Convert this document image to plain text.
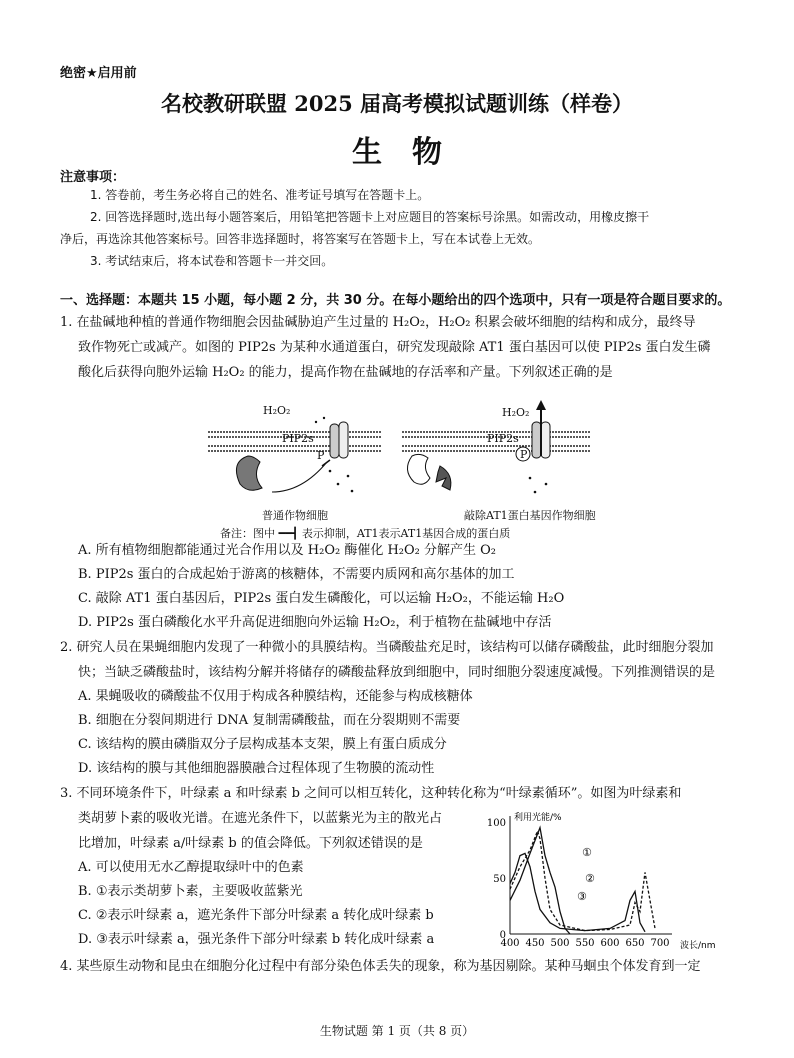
绝密★启用前
名校教研联盟 2025 届高考模拟试题训练（样卷）
生物
注意事项：
1. 答卷前，考生务必将自己的姓名、准考证号填写在答题卡上。
2. 回答选择题时,选出每小题答案后，用铅笔把答题卡上对应题目的答案标号涂黑。如需改动，用橡皮擦干
净后，再选涂其他答案标号。回答非选择题时，将答案写在答题卡上，写在本试卷上无效。
3. 考试结束后，将本试卷和答题卡一并交回。
一、选择题：本题共 15 小题，每小题 2 分，共 30 分。在每小题给出的四个选项中，只有一项是符合题目要求的。
1. 在盐碱地种植的普通作物细胞会因盐碱胁迫产生过量的 H₂O₂，H₂O₂ 积累会破坏细胞的结构和成分，最终导
致作物死亡或减产。如图的 PIP2s 为某种水通道蛋白，研究发现敲除 AT1 蛋白基因可以使 PIP2s 蛋白发生磷
酸化后获得向胞外运输 H₂O₂ 的能力，提高作物在盐碱地的存活率和产量。下列叙述正确的是
H₂O₂
PIP2s
P
H₂O₂
PIP2s
P
普通作物细胞	敲除AT1蛋白基因作物细胞
备注：图中 ━━┫ 表示抑制，AT1表示AT1基因合成的蛋白质
A. 所有植物细胞都能通过光合作用以及 H₂O₂ 酶催化 H₂O₂ 分解产生 O₂
B. PIP2s 蛋白的合成起始于游离的核糖体，不需要内质网和高尔基体的加工
C. 敲除 AT1 蛋白基因后，PIP2s 蛋白发生磷酸化，可以运输 H₂O₂，不能运输 H₂O
D. PIP2s 蛋白磷酸化水平升高促进细胞向外运输 H₂O₂，利于植物在盐碱地中存活
2. 研究人员在果蝇细胞内发现了一种微小的具膜结构。当磷酸盐充足时，该结构可以储存磷酸盐，此时细胞分裂加
快；当缺乏磷酸盐时，该结构分解并将储存的磷酸盐释放到细胞中，同时细胞分裂速度减慢。下列推测错误的是
A. 果蝇吸收的磷酸盐不仅用于构成各种膜结构，还能参与构成核糖体
B. 细胞在分裂间期进行 DNA 复制需磷酸盐，而在分裂期则不需要
C. 该结构的膜由磷脂双分子层构成基本支架，膜上有蛋白质成分
D. 该结构的膜与其他细胞器膜融合过程体现了生物膜的流动性
3. 不同环境条件下，叶绿素 a 和叶绿素 b 之间可以相互转化，这种转化称为“叶绿素循环”。如图为叶绿素和
类胡萝卜素的吸收光谱。在遮光条件下，以蓝紫光为主的散光占
比增加，叶绿素 a/叶绿素 b 的值会降低。下列叙述错误的是
A. 可以使用无水乙醇提取绿叶中的色素
B. ①表示类胡萝卜素，主要吸收蓝紫光
C. ②表示叶绿素 a，遮光条件下部分叶绿素 a 转化成叶绿素 b
D. ③表示叶绿素 a，强光条件下部分叶绿素 b 转化成叶绿素 a	400 450 500 550 600 650 700
0
50
100 利用光能/%
波长/nm
①
②
③
4. 某些原生动物和昆虫在细胞分化过程中有部分染色体丢失的现象，称为基因剔除。某种马蛔虫个体发育到一定
生物试题 第 1 页（共 8 页）
